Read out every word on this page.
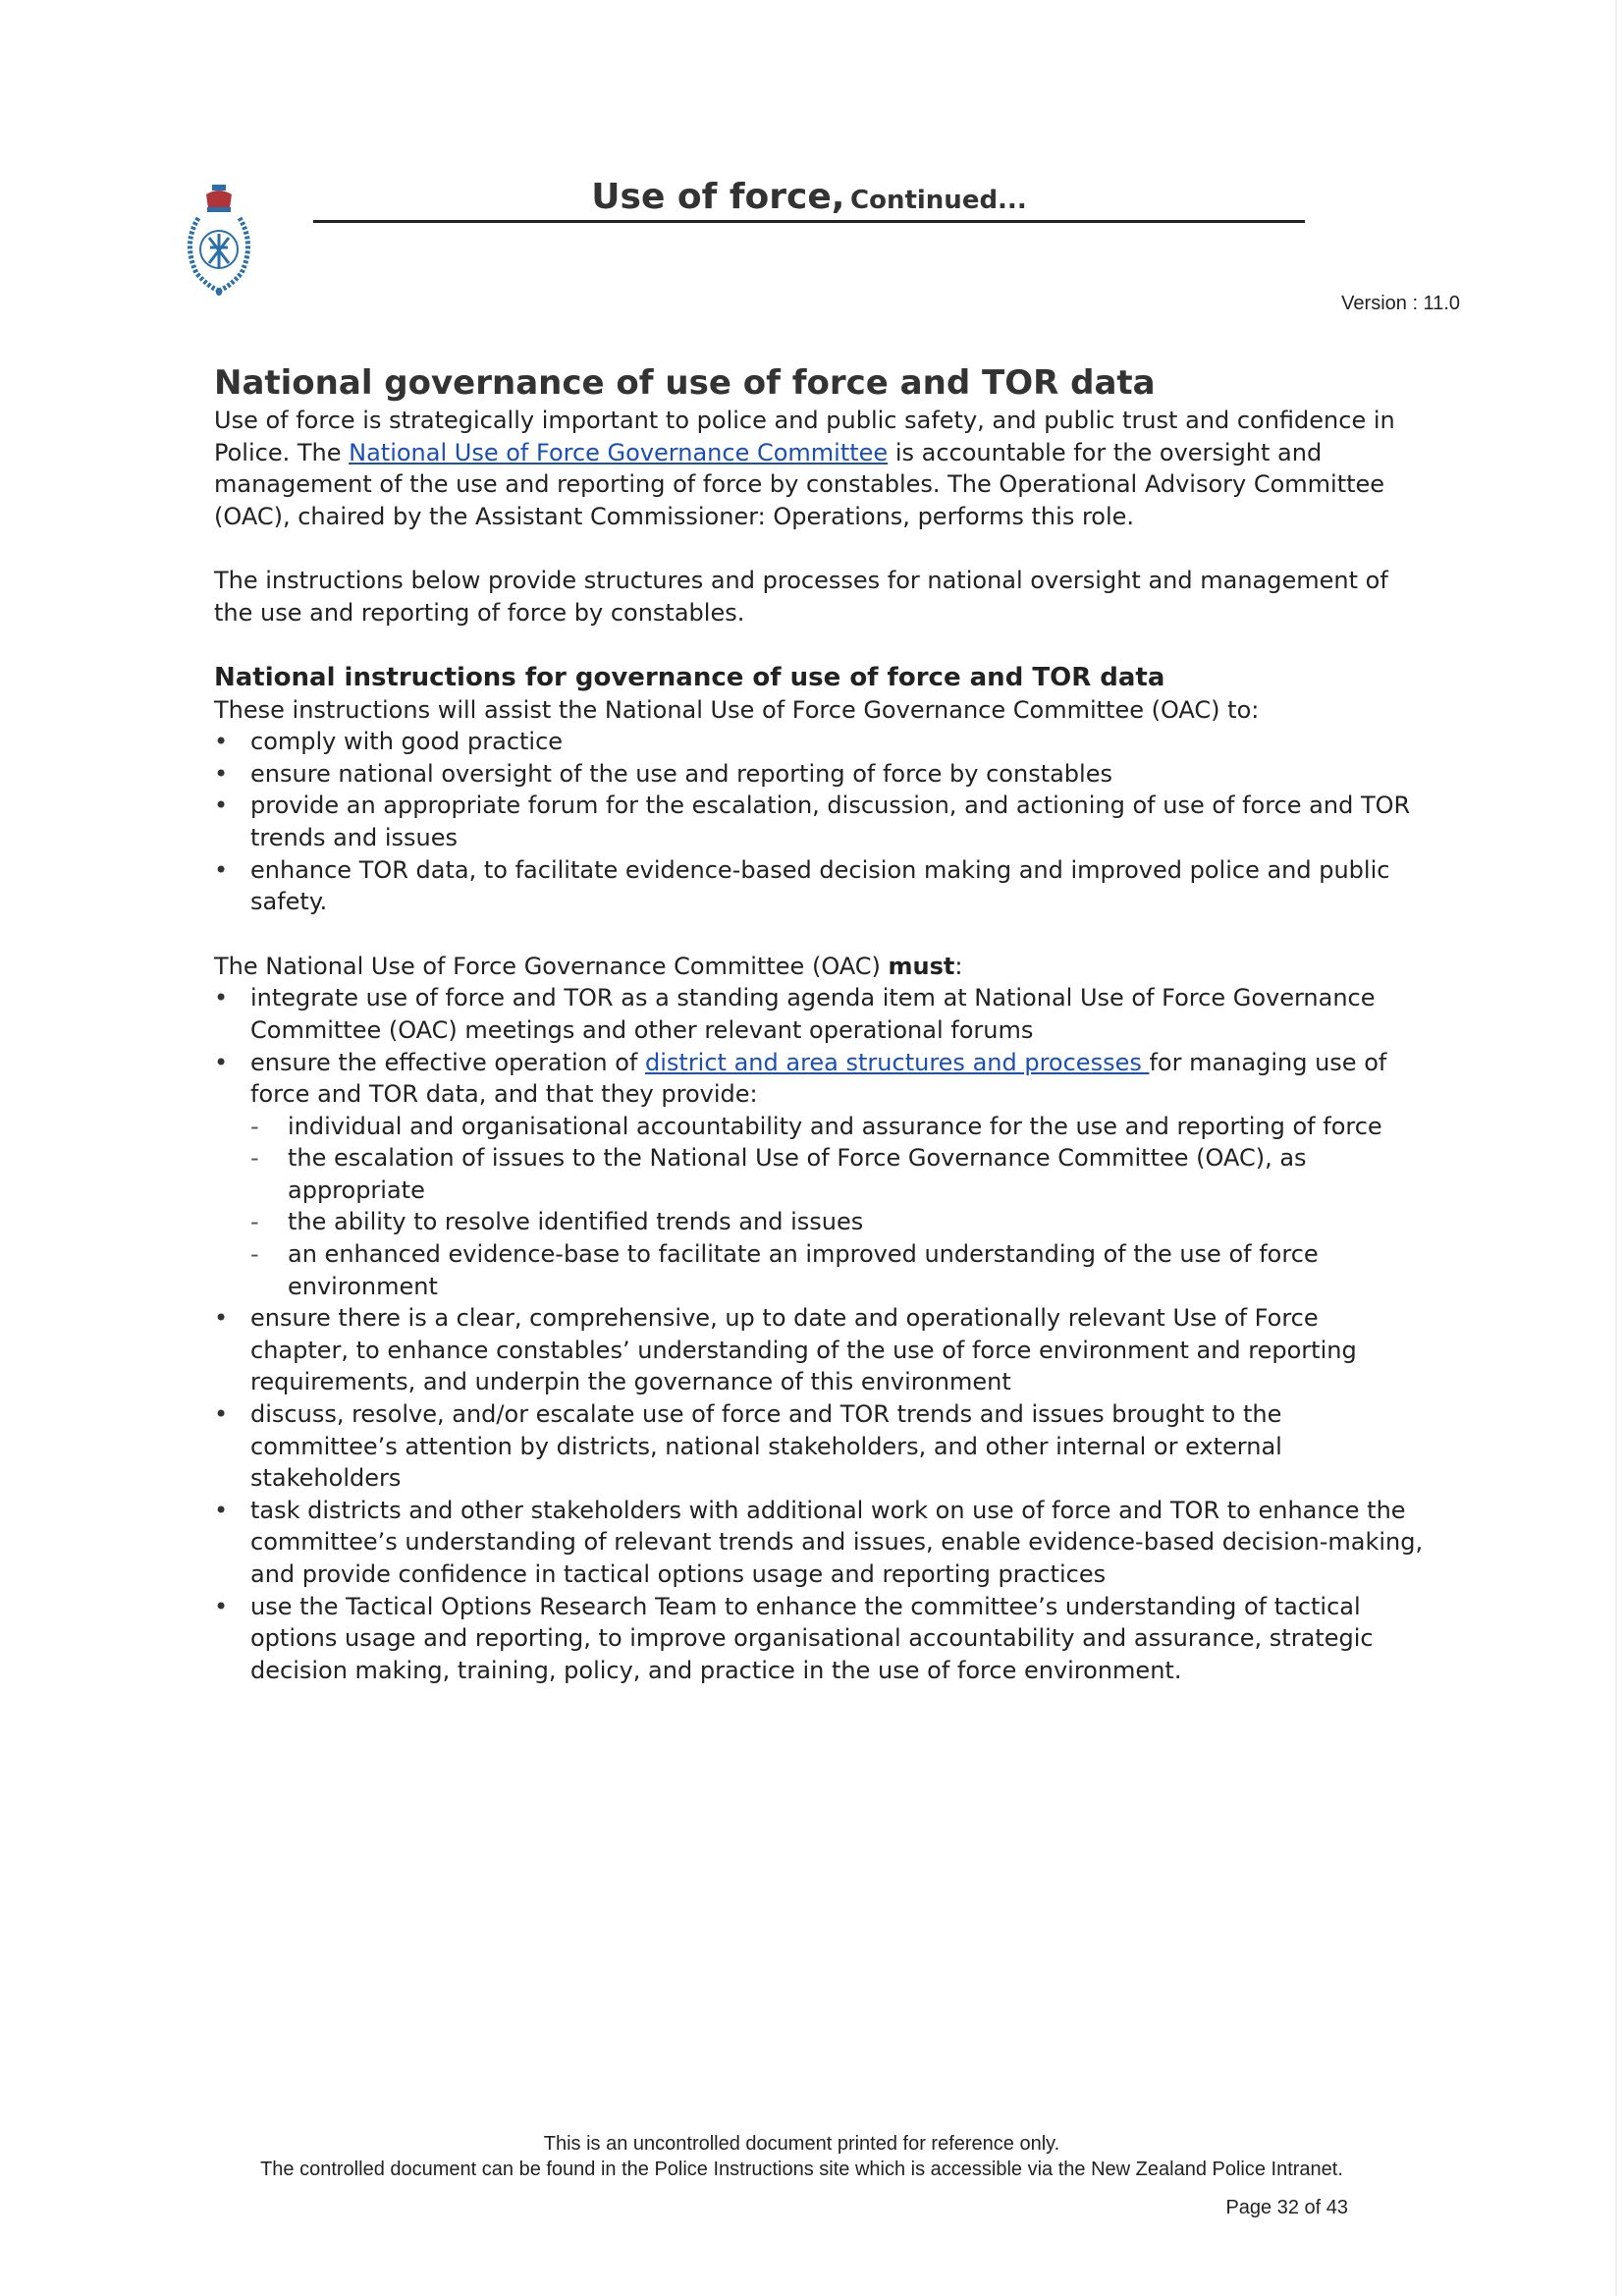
Use of force, Continued...
Version : 11.0
National governance of use of force and TOR data

Use of force is strategically important to police and public safety, and public trust and confidence in Police. The National Use of Force Governance Committee is accountable for the oversight and management of the use and reporting of force by constables. The Operational Advisory Committee (OAC), chaired by the Assistant Commissioner: Operations, performs this role.

The instructions below provide structures and processes for national oversight and management of the use and reporting of force by constables.

National instructions for governance of use of force and TOR data

These instructions will assist the National Use of Force Governance Committee (OAC) to:

• comply with good practice
• ensure national oversight of the use and reporting of force by constables
• provide an appropriate forum for the escalation, discussion, and actioning of use of force and TOR trends and issues
• enhance TOR data, to facilitate evidence-based decision making and improved police and public safety.

The National Use of Force Governance Committee (OAC) must:

• integrate use of force and TOR as a standing agenda item at National Use of Force Governance Committee (OAC) meetings and other relevant operational forums
• ensure the effective operation of district and area structures and processes for managing use of force and TOR data, and that they provide:
- individual and organisational accountability and assurance for the use and reporting of force
- the escalation of issues to the National Use of Force Governance Committee (OAC), as appropriate
- the ability to resolve identified trends and issues
- an enhanced evidence-base to facilitate an improved understanding of the use of force environment
• ensure there is a clear, comprehensive, up to date and operationally relevant Use of Force chapter, to enhance constables’ understanding of the use of force environment and reporting requirements, and underpin the governance of this environment
• discuss, resolve, and/or escalate use of force and TOR trends and issues brought to the committee’s attention by districts, national stakeholders, and other internal or external stakeholders
• task districts and other stakeholders with additional work on use of force and TOR to enhance the committee’s understanding of relevant trends and issues, enable evidence-based decision-making, and provide confidence in tactical options usage and reporting practices
• use the Tactical Options Research Team to enhance the committee’s understanding of tactical options usage and reporting, to improve organisational accountability and assurance, strategic decision making, training, policy, and practice in the use of force environment.
This is an uncontrolled document printed for reference only.
The controlled document can be found in the Police Instructions site which is accessible via the New Zealand Police Intranet.
Page 32 of 43
